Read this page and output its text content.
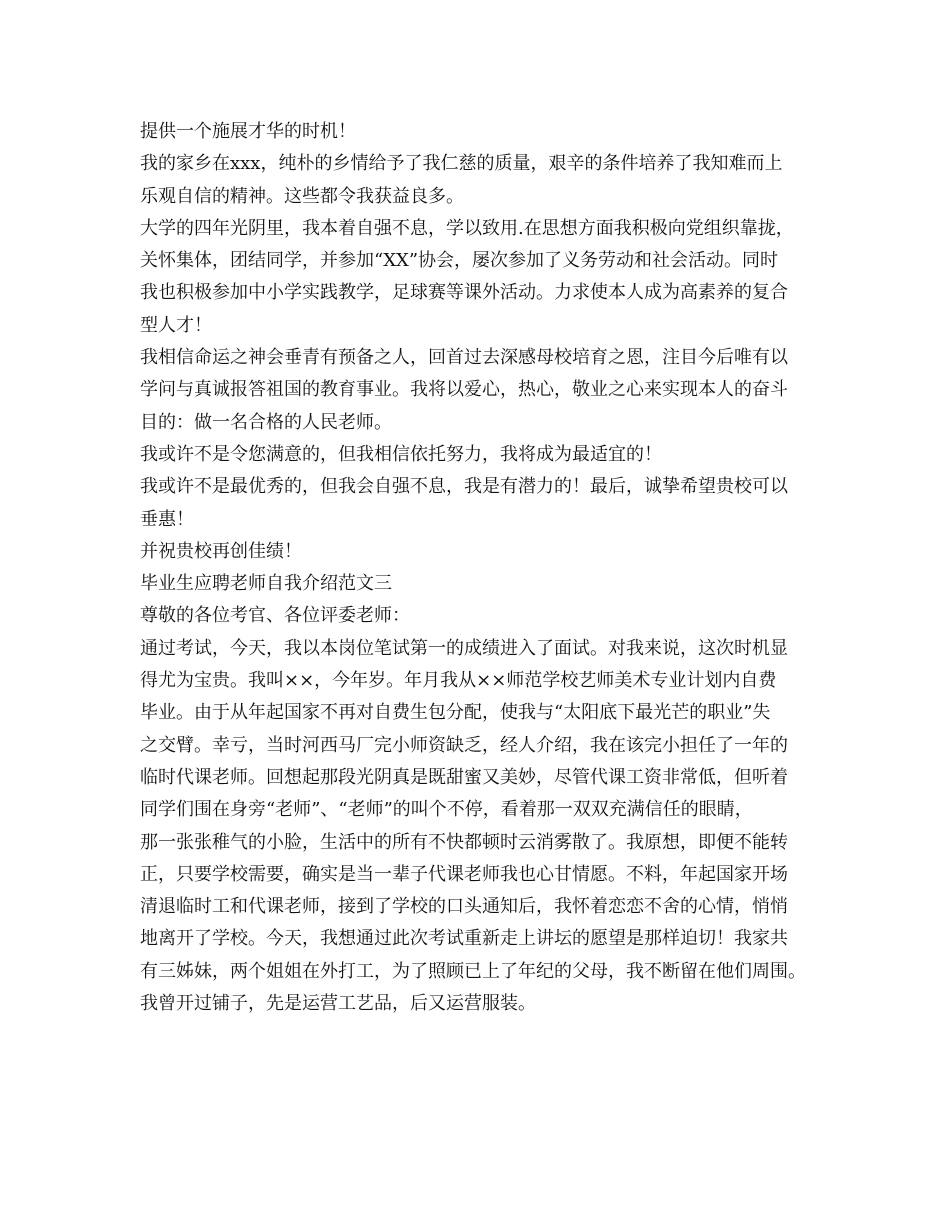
提供一个施展才华的时机！
我的家乡在xxx，纯朴的乡情给予了我仁慈的质量，艰辛的条件培养了我知难而上
乐观自信的精神。这些都令我获益良多。
大学的四年光阴里，我本着自强不息，学以致用.在思想方面我积极向党组织靠拢，
关怀集体，团结同学，并参加“XX”协会，屡次参加了义务劳动和社会活动。同时
我也积极参加中小学实践教学，足球赛等课外活动。力求使本人成为高素养的复合
型人才！
我相信命运之神会垂青有预备之人，回首过去深感母校培育之恩，注目今后唯有以
学问与真诚报答祖国的教育事业。我将以爱心，热心，敬业之心来实现本人的奋斗
目的：做一名合格的人民老师。
我或许不是令您满意的，但我相信依托努力，我将成为最适宜的！
我或许不是最优秀的，但我会自强不息，我是有潜力的！最后，诚挚希望贵校可以
垂惠！
并祝贵校再创佳绩！
毕业生应聘老师自我介绍范文三
尊敬的各位考官、各位评委老师：
通过考试，今天，我以本岗位笔试第一的成绩进入了面试。对我来说，这次时机显
得尤为宝贵。我叫××，今年岁。年月我从××师范学校艺师美术专业计划内自费
毕业。由于从年起国家不再对自费生包分配，使我与“太阳底下最光芒的职业”失
之交臂。幸亏，当时河西马厂完小师资缺乏，经人介绍，我在该完小担任了一年的
临时代课老师。回想起那段光阴真是既甜蜜又美妙，尽管代课工资非常低，但听着
同学们围在身旁“老师”、“老师”的叫个不停，看着那一双双充满信任的眼睛，
那一张张稚气的小脸，生活中的所有不快都顿时云消雾散了。我原想，即便不能转
正，只要学校需要，确实是当一辈子代课老师我也心甘情愿。不料，年起国家开场
清退临时工和代课老师，接到了学校的口头通知后，我怀着恋恋不舍的心情，悄悄
地离开了学校。今天，我想通过此次考试重新走上讲坛的愿望是那样迫切！我家共
有三姊妹，两个姐姐在外打工，为了照顾已上了年纪的父母，我不断留在他们周围。
我曾开过铺子，先是运营工艺品，后又运营服装。
